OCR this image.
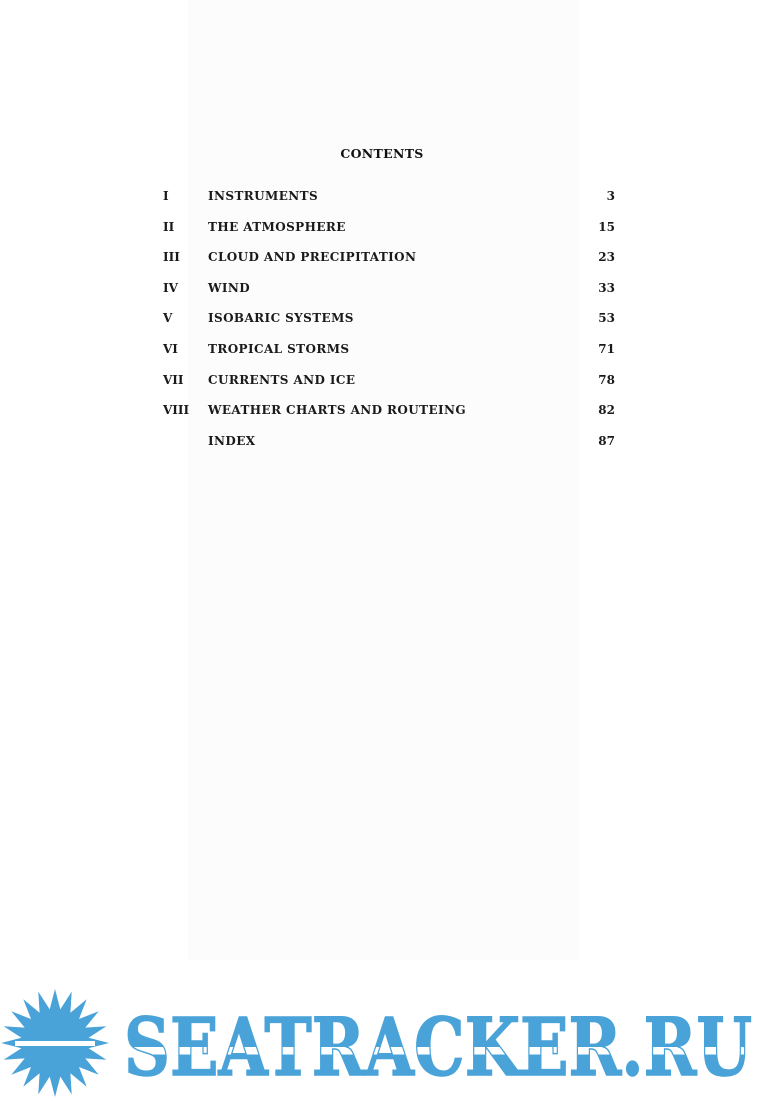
CONTENTS
I	INSTRUMENTS	3
II	THE ATMOSPHERE	15
III CLOUD AND PRECIPITATION	23
IV	WIND	33
V	ISOBARIC SYSTEMS	53
VI	TROPICAL STORMS	71
VII CURRENTS AND ICE	78
VIII WEATHER CHARTS AND ROUTEING	82
INDEX	87
SEATRACKER.RU
